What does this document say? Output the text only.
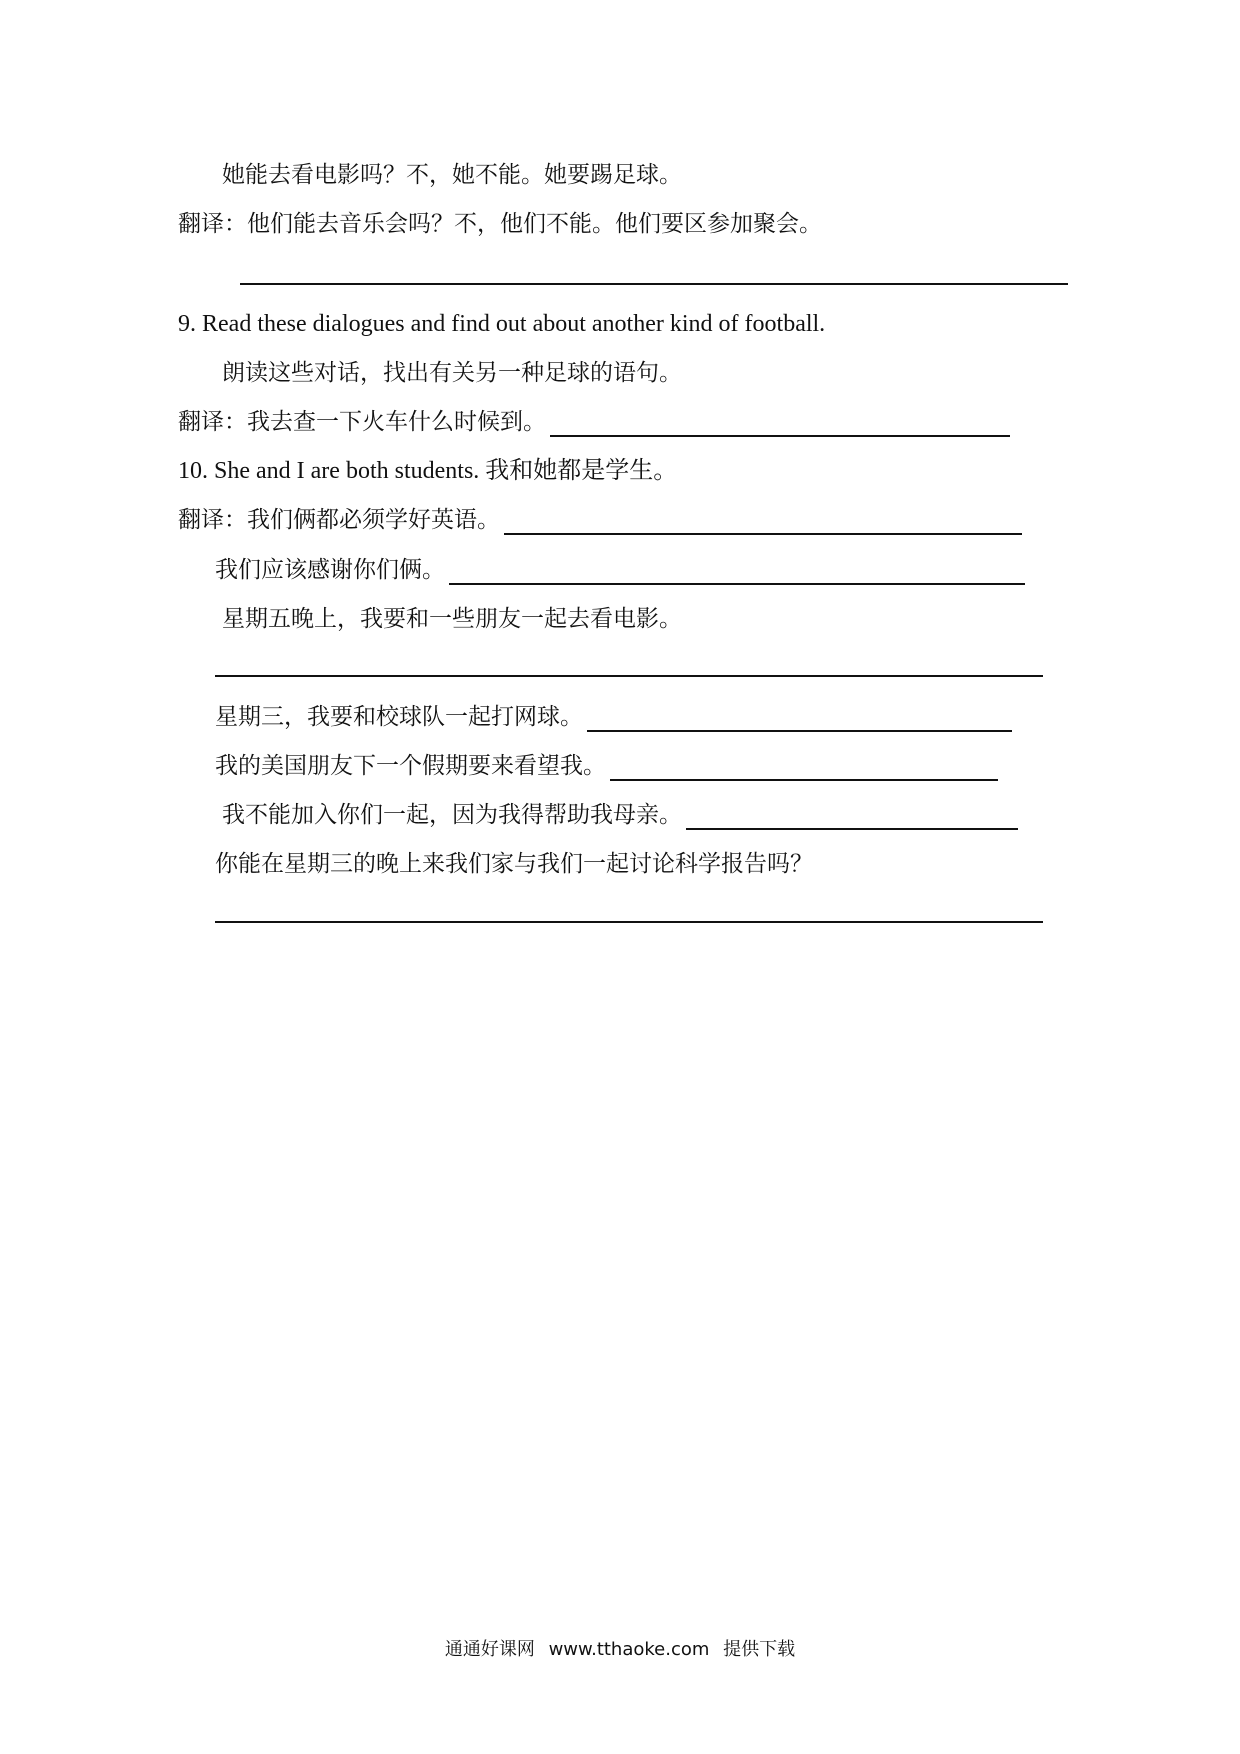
她能去看电影吗？不，她不能。她要踢足球。
翻译：他们能去音乐会吗？不，他们不能。他们要区参加聚会。
9. Read these dialogues and find out about another kind of football.
朗读这些对话，找出有关另一种足球的语句。
翻译：我去查一下火车什么时候到。
10. She and I are both students. 我和她都是学生。
翻译：我们俩都必须学好英语。
我们应该感谢你们俩。
星期五晚上，我要和一些朋友一起去看电影。
星期三，我要和校球队一起打网球。
我的美国朋友下一个假期要来看望我。
我不能加入你们一起，因为我得帮助我母亲。
你能在星期三的晚上来我们家与我们一起讨论科学报告吗？
通通好课网 www.tthaoke.com 提供下载
